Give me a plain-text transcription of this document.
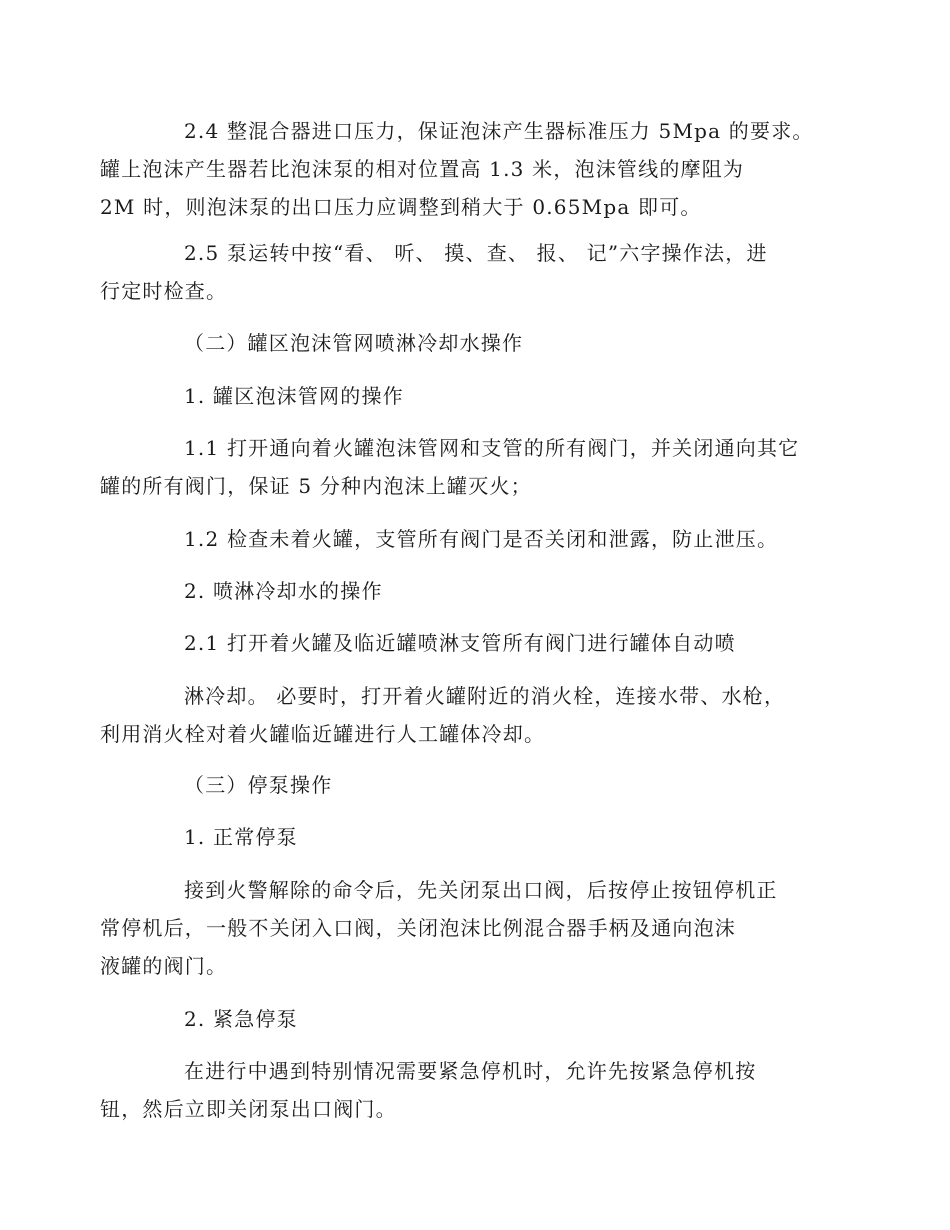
2.4 整混合器进口压力，保证泡沫产生器标准压力 5Mpa 的要求。
罐上泡沫产生器若比泡沫泵的相对位置高 1.3 米，泡沫管线的摩阻为
2M 时，则泡沫泵的出口压力应调整到稍大于 0.65Mpa 即可。
2.5 泵运转中按“看、 听、 摸、查、 报、 记”六字操作法，进
行定时检查。
（二）罐区泡沫管网喷淋冷却水操作
1. 罐区泡沫管网的操作
1.1 打开通向着火罐泡沫管网和支管的所有阀门，并关闭通向其它
罐的所有阀门，保证 5 分种内泡沫上罐灭火；
1.2 检查未着火罐，支管所有阀门是否关闭和泄露，防止泄压。
2. 喷淋冷却水的操作
2.1 打开着火罐及临近罐喷淋支管所有阀门进行罐体自动喷
淋冷却。 必要时，打开着火罐附近的消火栓，连接水带、水枪，
利用消火栓对着火罐临近罐进行人工罐体冷却。
（三）停泵操作
1. 正常停泵
接到火警解除的命令后，先关闭泵出口阀，后按停止按钮停机正
常停机后，一般不关闭入口阀，关闭泡沫比例混合器手柄及通向泡沫
液罐的阀门。
2. 紧急停泵
在进行中遇到特别情况需要紧急停机时，允许先按紧急停机按
钮，然后立即关闭泵出口阀门。
